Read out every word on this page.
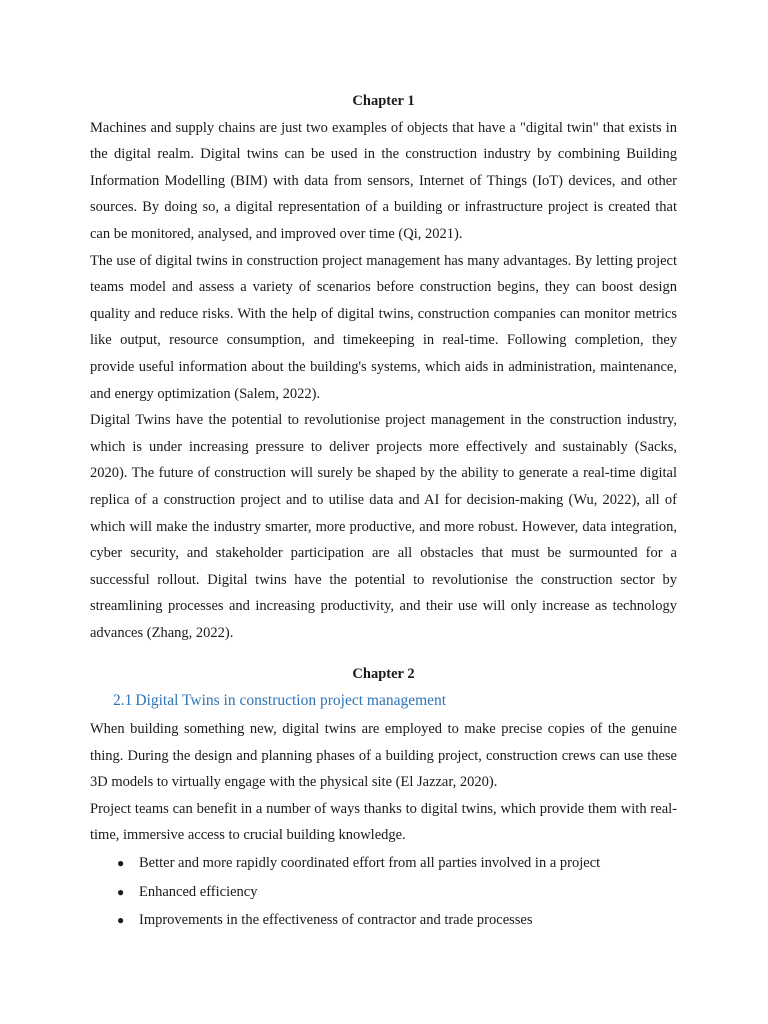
Chapter 1

Machines and supply chains are just two examples of objects that have a "digital twin" that exists in the digital realm. Digital twins can be used in the construction industry by combining Building Information Modelling (BIM) with data from sensors, Internet of Things (IoT) devices, and other sources. By doing so, a digital representation of a building or infrastructure project is created that can be monitored, analysed, and improved over time (Qi, 2021).

The use of digital twins in construction project management has many advantages. By letting project teams model and assess a variety of scenarios before construction begins, they can boost design quality and reduce risks. With the help of digital twins, construction companies can monitor metrics like output, resource consumption, and timekeeping in real-time. Following completion, they provide useful information about the building's systems, which aids in administration, maintenance, and energy optimization (Salem, 2022).

Digital Twins have the potential to revolutionise project management in the construction industry, which is under increasing pressure to deliver projects more effectively and sustainably (Sacks, 2020). The future of construction will surely be shaped by the ability to generate a real-time digital replica of a construction project and to utilise data and AI for decision-making (Wu, 2022), all of which will make the industry smarter, more productive, and more robust. However, data integration, cyber security, and stakeholder participation are all obstacles that must be surmounted for a successful rollout. Digital twins have the potential to revolutionise the construction sector by streamlining processes and increasing productivity, and their use will only increase as technology advances (Zhang, 2022).

Chapter 2
2.1 Digital Twins in construction project management

When building something new, digital twins are employed to make precise copies of the genuine thing. During the design and planning phases of a building project, construction crews can use these 3D models to virtually engage with the physical site (El Jazzar, 2020).

Project teams can benefit in a number of ways thanks to digital twins, which provide them with real-time, immersive access to crucial building knowledge.

● Better and more rapidly coordinated effort from all parties involved in a project
● Enhanced efficiency
● Improvements in the effectiveness of contractor and trade processes
